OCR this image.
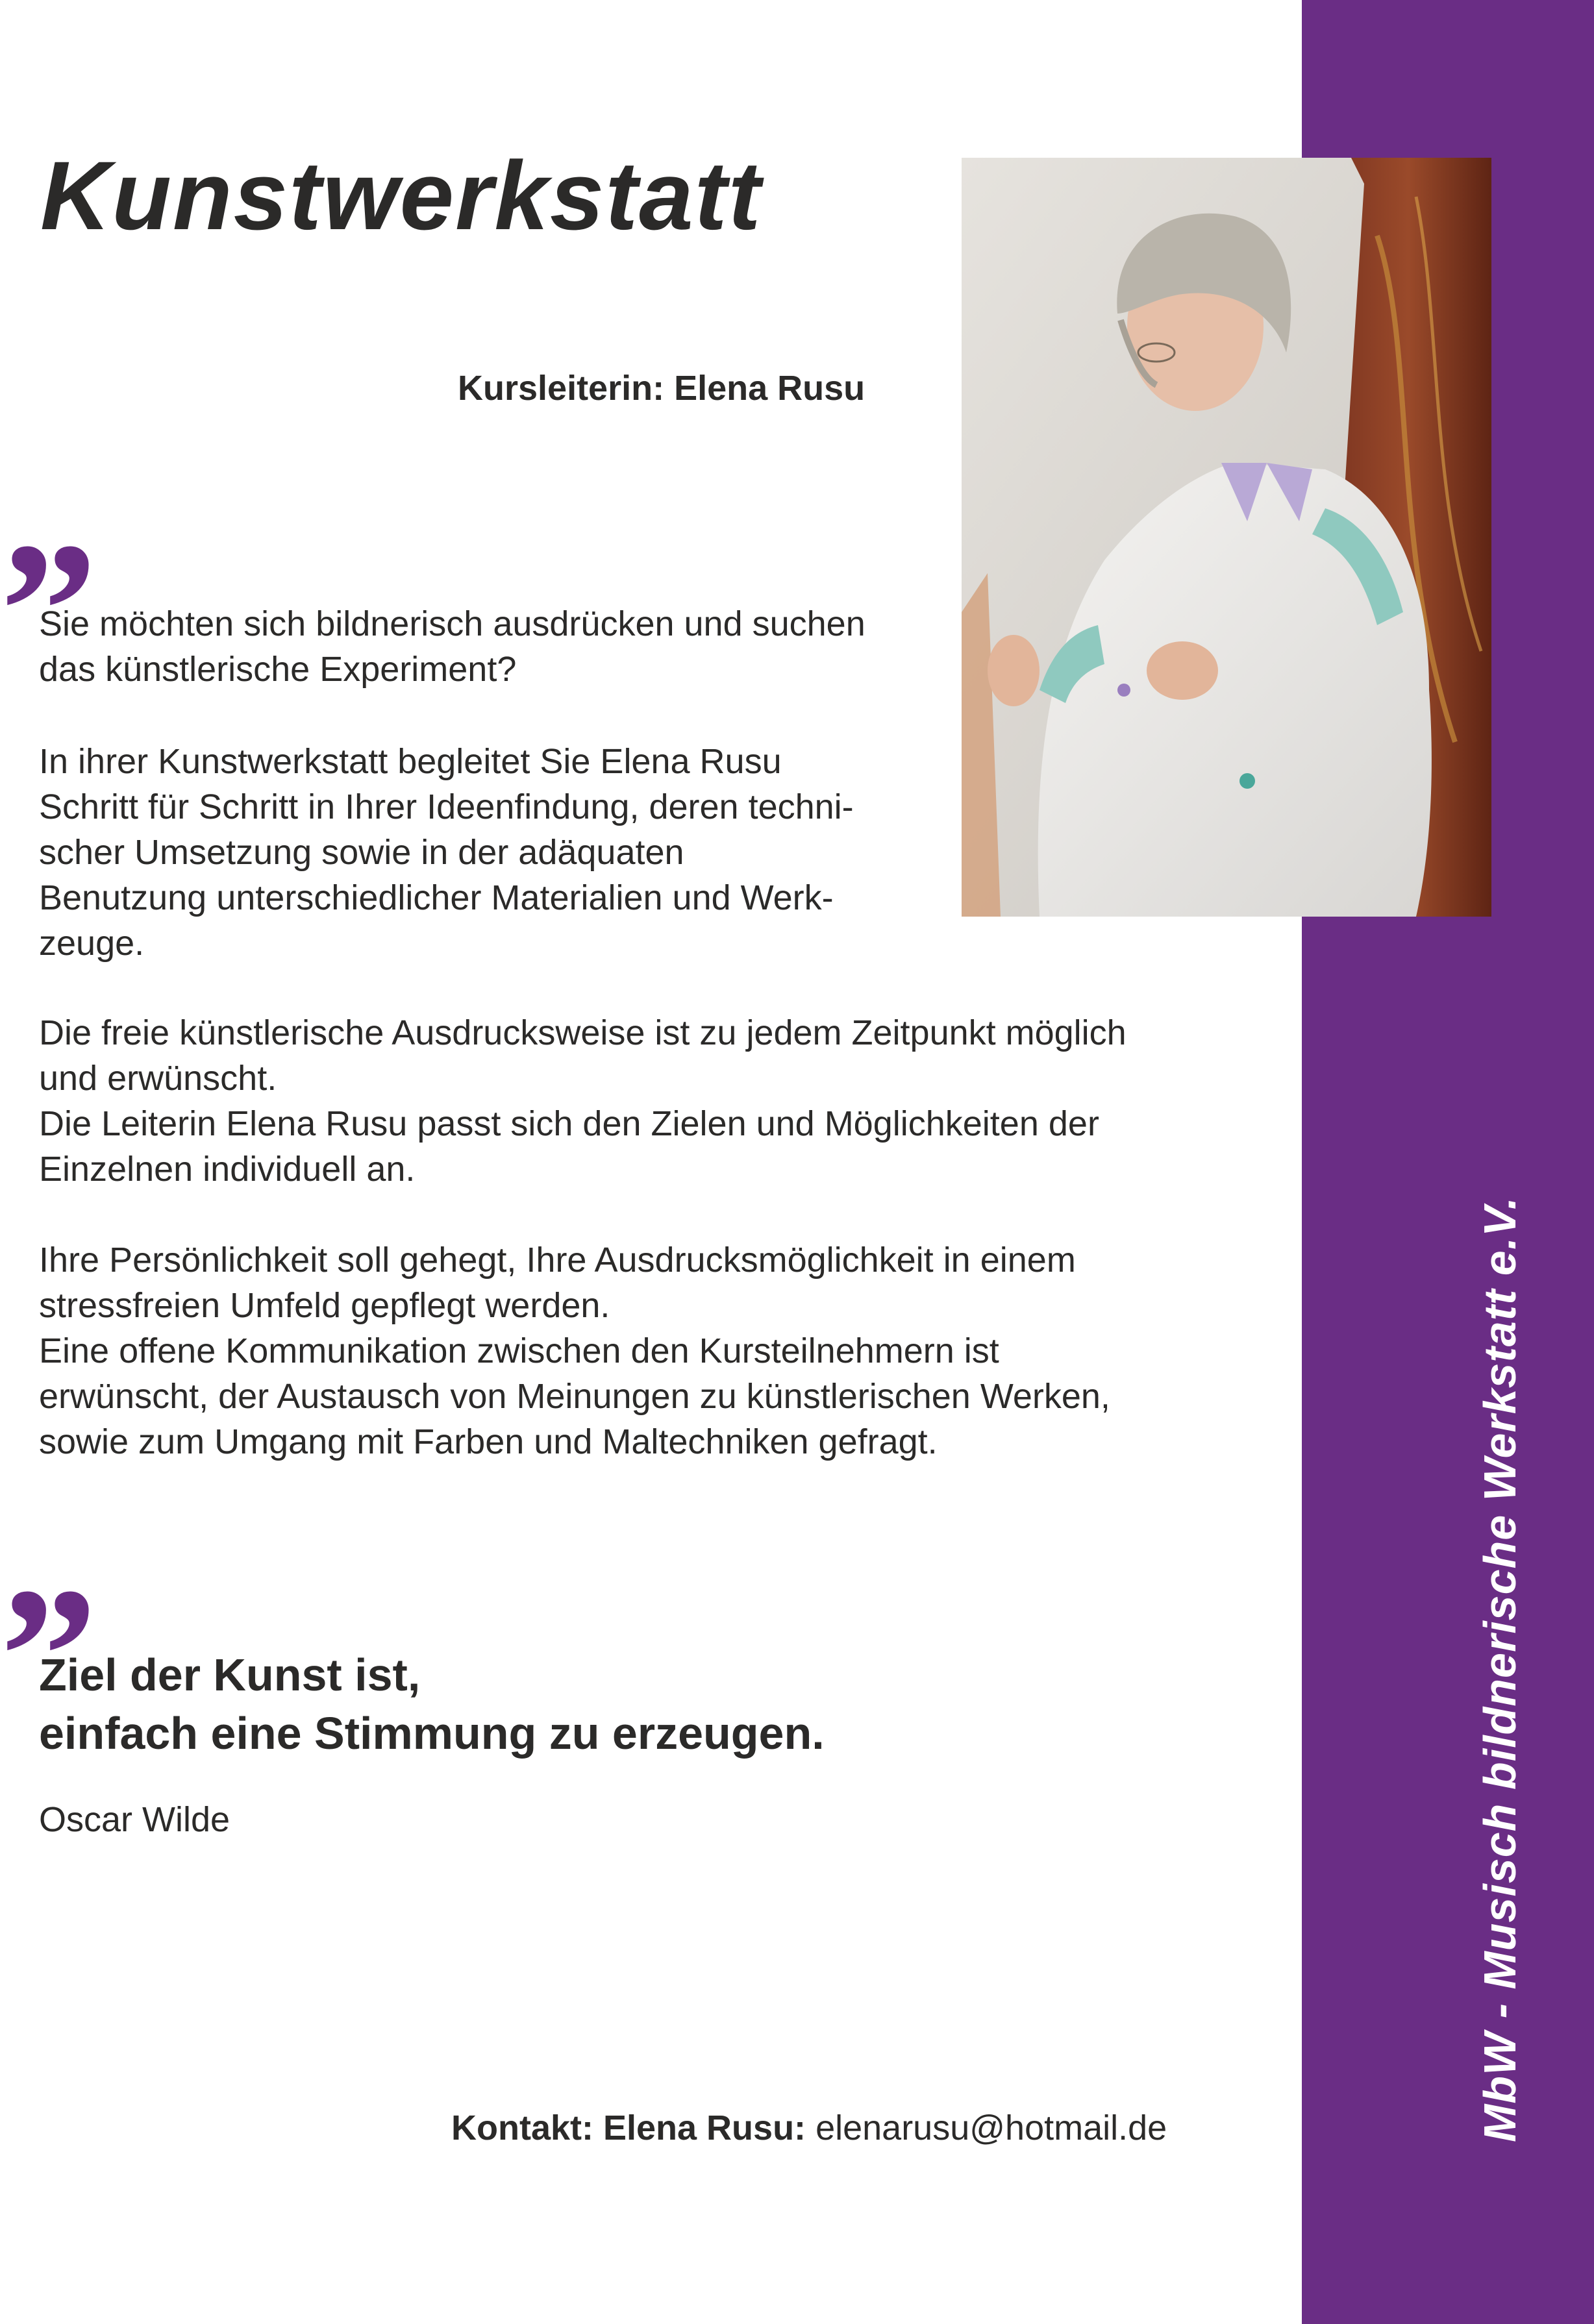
MbW - Musisch bildnerische Werkstatt e.V.
Kunstwerkstatt
Kursleiterin: Elena Rusu
”

Sie möchten sich bildnerisch ausdrücken und suchen
das künstlerische Experiment?

In ihrer Kunstwerkstatt begleitet Sie Elena Rusu
Schritt für Schritt in Ihrer Ideenfindung, deren techni-
scher Umsetzung sowie in der adäquaten
Benutzung unterschiedlicher Materialien und Werk-
zeuge.

Die freie künstlerische Ausdrucksweise ist zu jedem Zeitpunkt möglich
und erwünscht.
Die Leiterin Elena Rusu passt sich den Zielen und Möglichkeiten der
Einzelnen individuell an.

Ihre Persönlichkeit soll gehegt, Ihre Ausdrucksmöglichkeit in einem
stressfreien Umfeld gepflegt werden.
Eine offene Kommunikation zwischen den Kursteilnehmern ist
erwünscht, der Austausch von Meinungen zu künstlerischen Werken,
sowie zum Umgang mit Farben und Maltechniken gefragt.

”
Ziel der Kunst ist,
einfach eine Stimmung zu erzeugen.
Oscar Wilde
Kontakt: Elena Rusu: elenarusu@hotmail.de
